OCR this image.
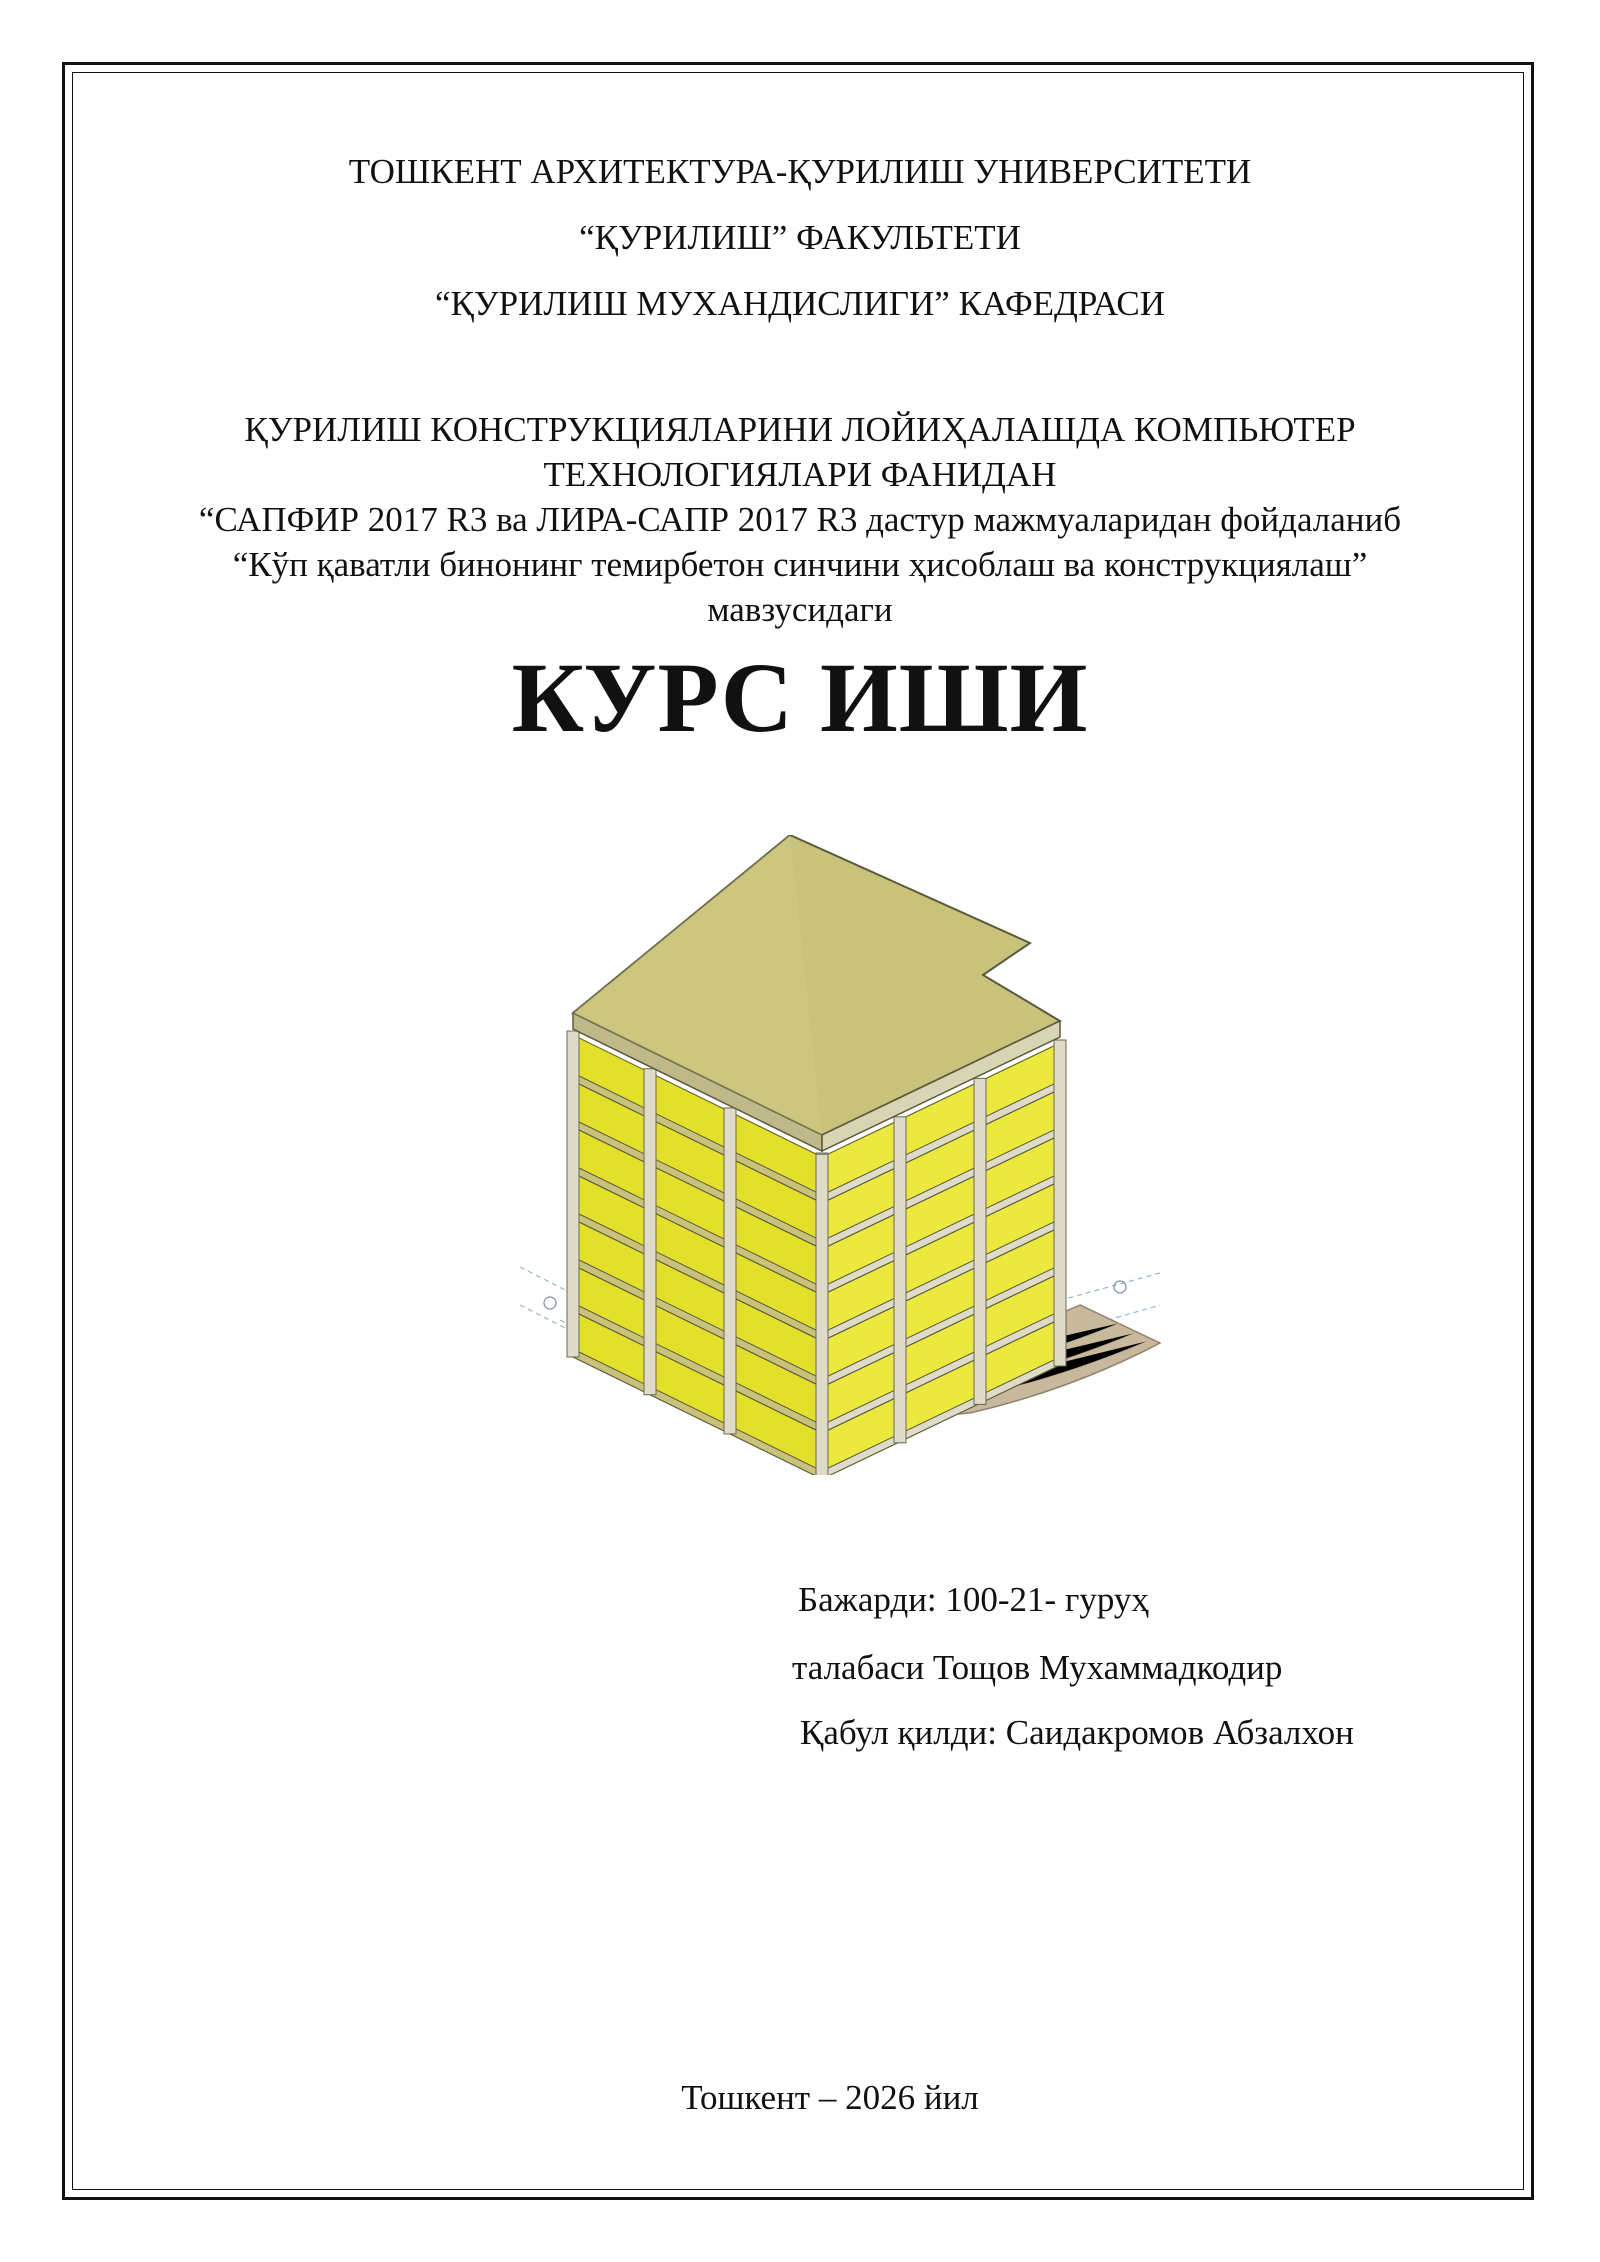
ТОШКЕНТ АРХИТЕКТУРА-ҚУРИЛИШ УНИВЕРСИТЕТИ
“ҚУРИЛИШ” ФАКУЛЬТЕТИ
“ҚУРИЛИШ МУХАНДИСЛИГИ” КАФЕДРАСИ
ҚУРИЛИШ КОНСТРУКЦИЯЛАРИНИ ЛОЙИҲАЛАШДА КОМПЬЮТЕР
ТЕХНОЛОГИЯЛАРИ ФАНИДАН
“САПФИР 2017 R3 ва ЛИРА-САПР 2017 R3 дастур мажмуаларидан фойдаланиб
“Кўп қаватли бинонинг темирбетон синчини ҳисоблаш ва конструкциялаш”
мавзусидаги
КУРС ИШИ
Бажарди: 100-21- гуруҳ
талабаси Тощов Мухаммадкодир
Қабул қилди: Саидакромов Абзалхон
Тошкент – 2026 йил
